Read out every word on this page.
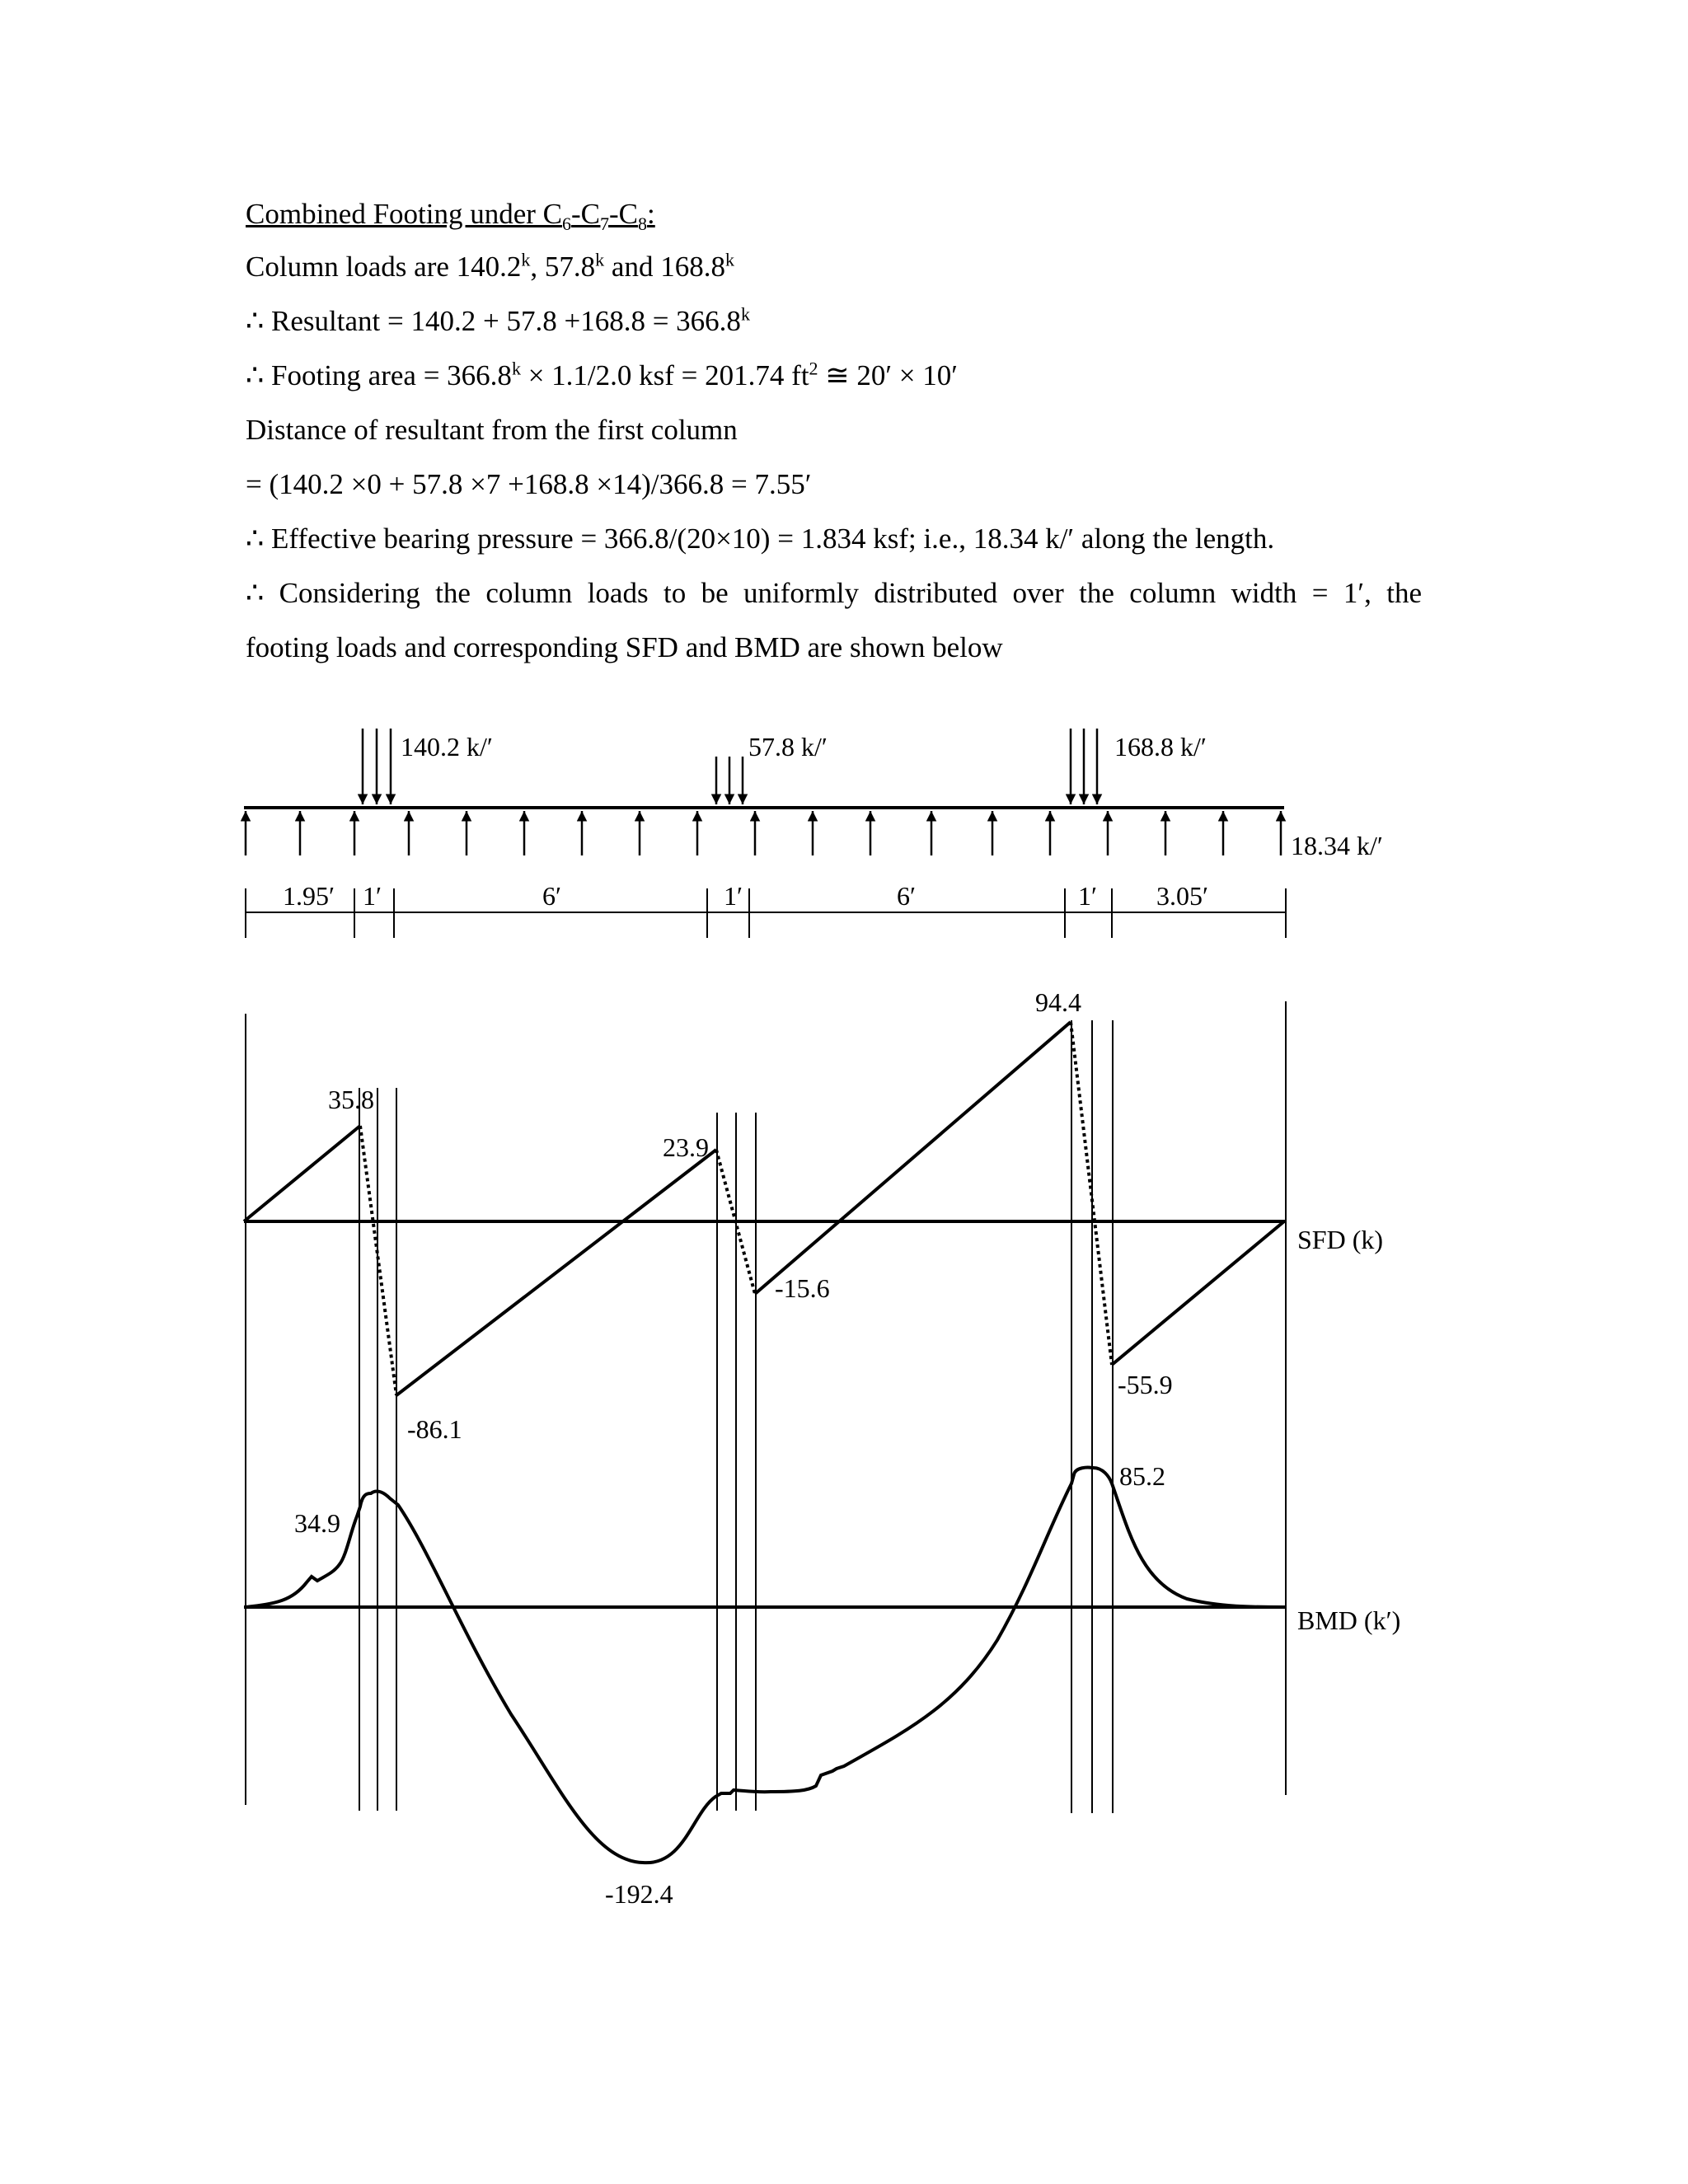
Combined Footing under $C_6-C_7-C_8$:
Column loads are 140.2$^k$, 57.8$^k$ and 168.8$^k$
∴ Resultant = $140.2 + 57.8 +168.8 = 366.8^k$
∴ Footing area = $366.8^k \times 1.1/2.0$ ksf = 201.74 $ft^2$ ≅ 20′ × 10′
Distance of resultant from the first column
= (140.2 ×0 + 57.8 ×7 +168.8 ×14)/366.8 = 7.55′
∴ Effective bearing pressure = 366.8/(20×10) = 1.834 ksf; i.e., 18.34 k/′ along the length.
∴ Considering the column loads to be uniformly distributed over the column width = 1′, the
footing loads and corresponding SFD and BMD are shown below
140.2 k/′	57.8 k/′	168.8 k/′
18.34 k/′
1.95′ 1′	6′	1′	6′	1′ 3.05′
35.8
23.9
-15.6
94.4
-86.1
-55.9
SFD (k)
34.9
85.2
-192.4
BMD (k′)
